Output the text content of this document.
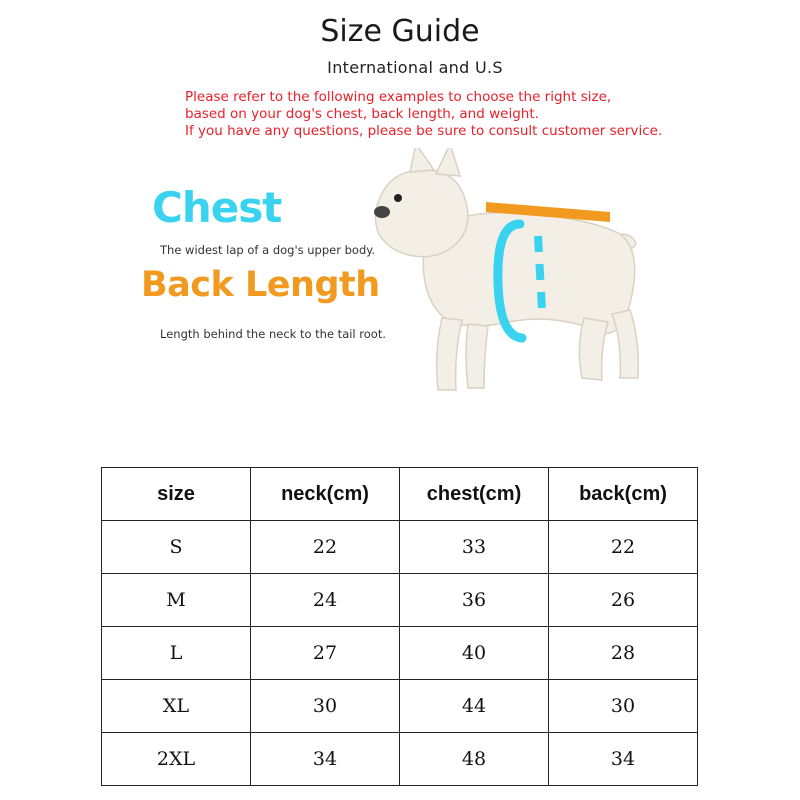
Size Guide
International and U.S
Please refer to the following examples to choose the right size,
based on your dog's chest, back length, and weight.
If you have any questions, please be sure to consult customer service.
Chest
The widest lap of a dog's upper body.
Back Length
Length behind the neck to the tail root.
size	neck(cm)	chest(cm)	back(cm)
S	22	33	22
M	24	36	26
L	27	40	28
XL	30	44	30
2XL	34	48	34
